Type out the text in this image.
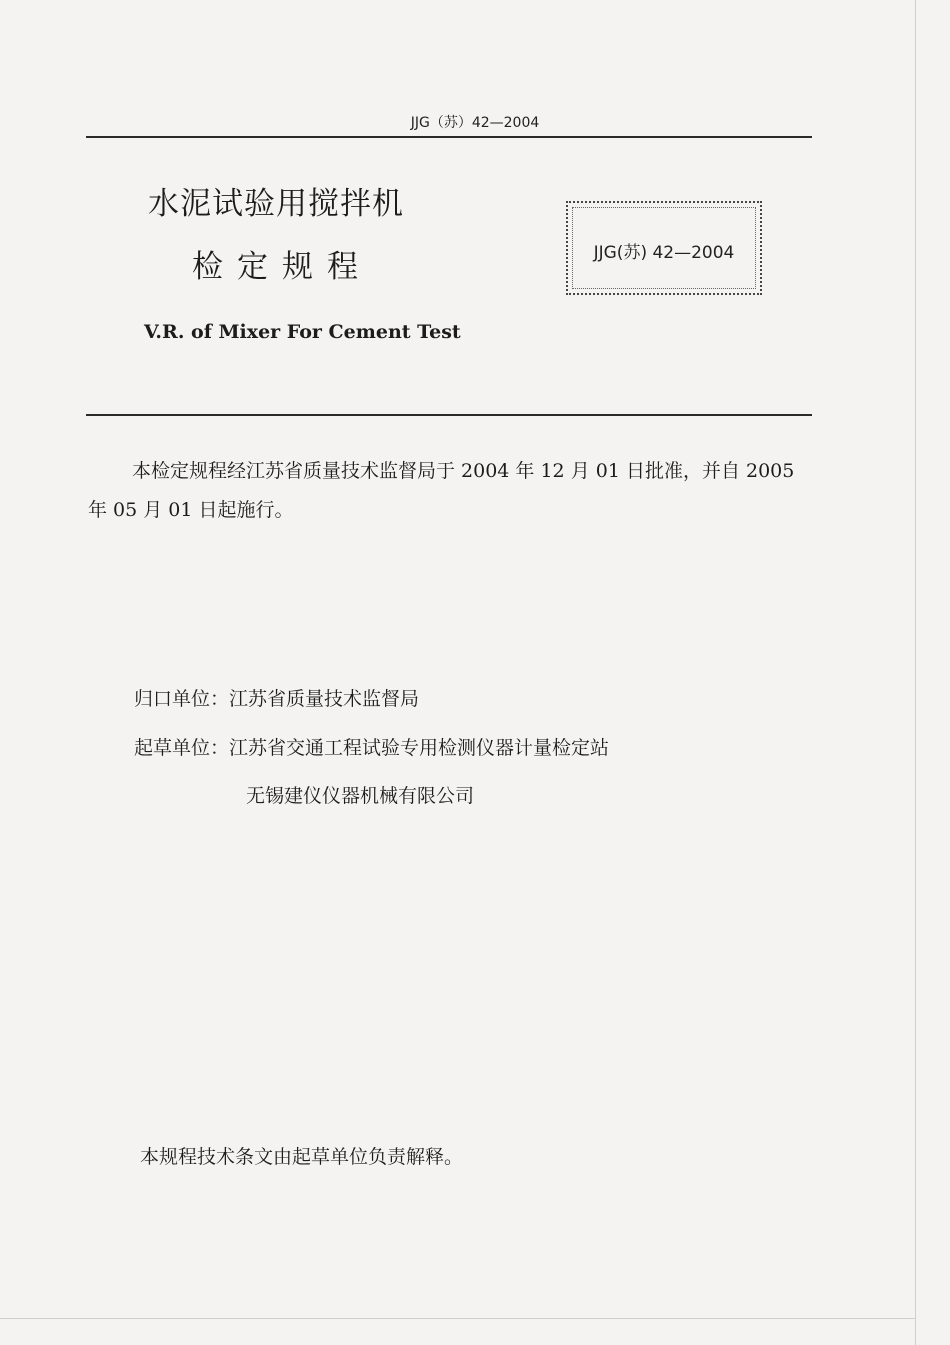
JJG（苏）42—2004
水泥试验用搅拌机
检定规程
V.R. of Mixer For Cement Test
JJG(苏) 42—2004
本检定规程经江苏省质量技术监督局于 2004 年 12 月 01 日批准，并自 2005 年 05 月 01 日起施行。
归口单位：江苏省质量技术监督局
起草单位：江苏省交通工程试验专用检测仪器计量检定站
无锡建仪仪器机械有限公司
本规程技术条文由起草单位负责解释。
